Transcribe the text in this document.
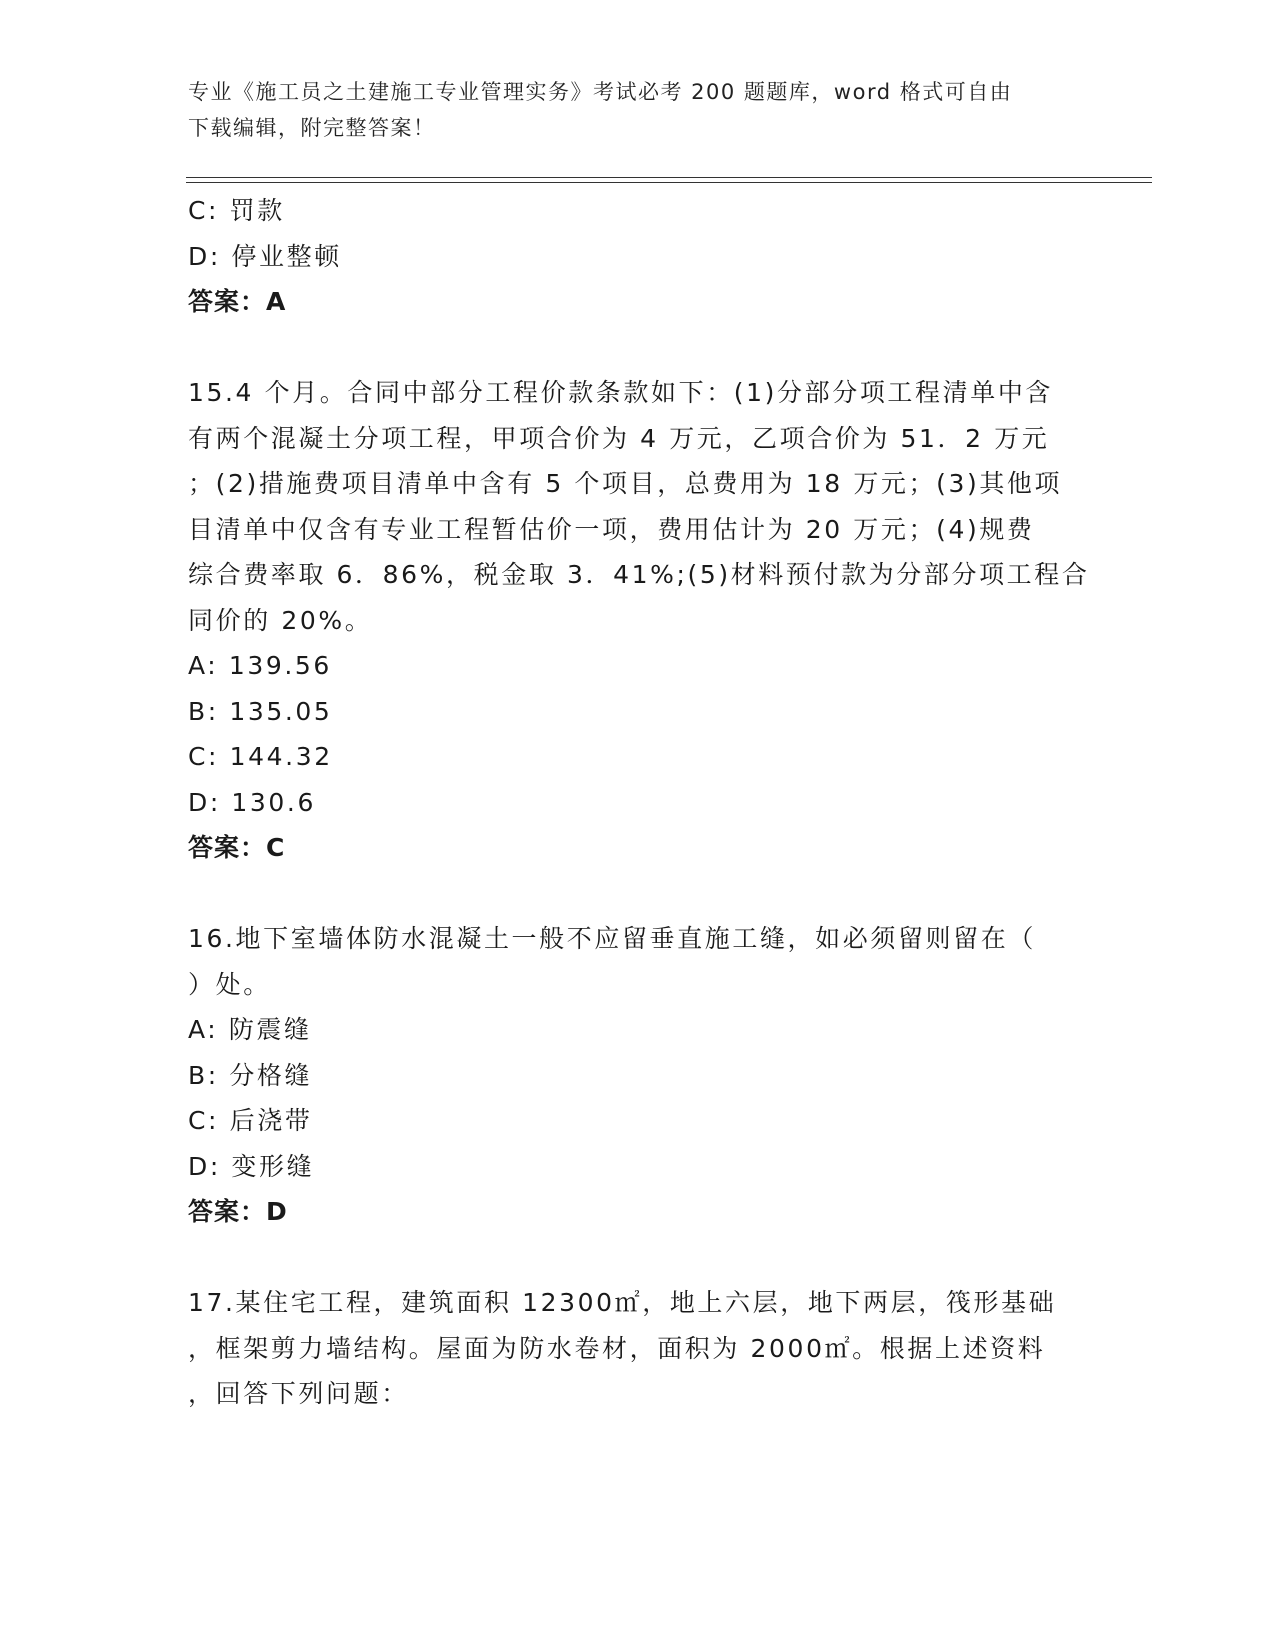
专业《施工员之土建施工专业管理实务》考试必考 200 题题库，word 格式可自由
下载编辑，附完整答案！
C: 罚款
D: 停业整顿
答案：A
15.4 个月。合同中部分工程价款条款如下：(1)分部分项工程清单中含
有两个混凝土分项工程，甲项合价为 4 万元，乙项合价为 51．2 万元
；(2)措施费项目清单中含有 5 个项目，总费用为 18 万元；(3)其他项
目清单中仅含有专业工程暂估价一项，费用估计为 20 万元；(4)规费
综合费率取 6．86%，税金取 3．41%;(5)材料预付款为分部分项工程合
同价的 20%。
A: 139.56
B: 135.05
C: 144.32
D: 130.6
答案：C
16.地下室墙体防水混凝土一般不应留垂直施工缝，如必须留则留在（
）处。
A: 防震缝
B: 分格缝
C: 后浇带
D: 变形缝
答案：D
17.某住宅工程，建筑面积 12300㎡，地上六层，地下两层，筏形基础
，框架剪力墙结构。屋面为防水卷材，面积为 2000㎡。根据上述资料
，回答下列问题：
